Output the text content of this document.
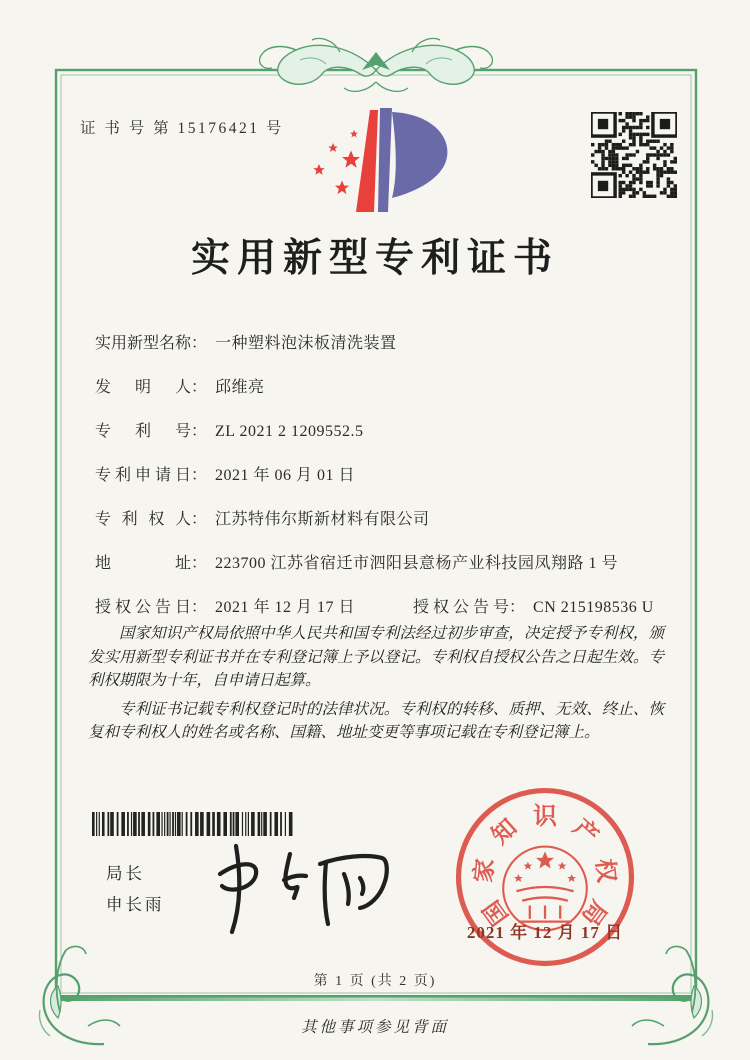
证 书 号 第 15176421 号
实用新型专利证书
实用新型名称： 一种塑料泡沫板清洗装置
发明人： 邱维亮
专利号： ZL 2021 2 1209552.5
专利申请日： 2021 年 06 月 01 日
专利权人： 江苏特伟尔斯新材料有限公司
地址： 223700 江苏省宿迁市泗阳县意杨产业科技园凤翔路 1 号
授权公告日： 2021 年 12 月 17 日	授权公告号： CN 215198536 U

国家知识产权局依照中华人民共和国专利法经过初步审查，决定授予专利权，颁发实用新型专利证书并在专利登记簿上予以登记。专利权自授权公告之日起生效。专利权期限为十年，自申请日起算。

专利证书记载专利权登记时的法律状况。专利权的转移、质押、无效、终止、恢复和专利权人的姓名或名称、国籍、地址变更等事项记载在专利登记簿上。

局长
申长雨	国
家
知 识 产
权
局
2021 年 12 月 17 日
第 1 页 (共 2 页)
其他事项参见背面
